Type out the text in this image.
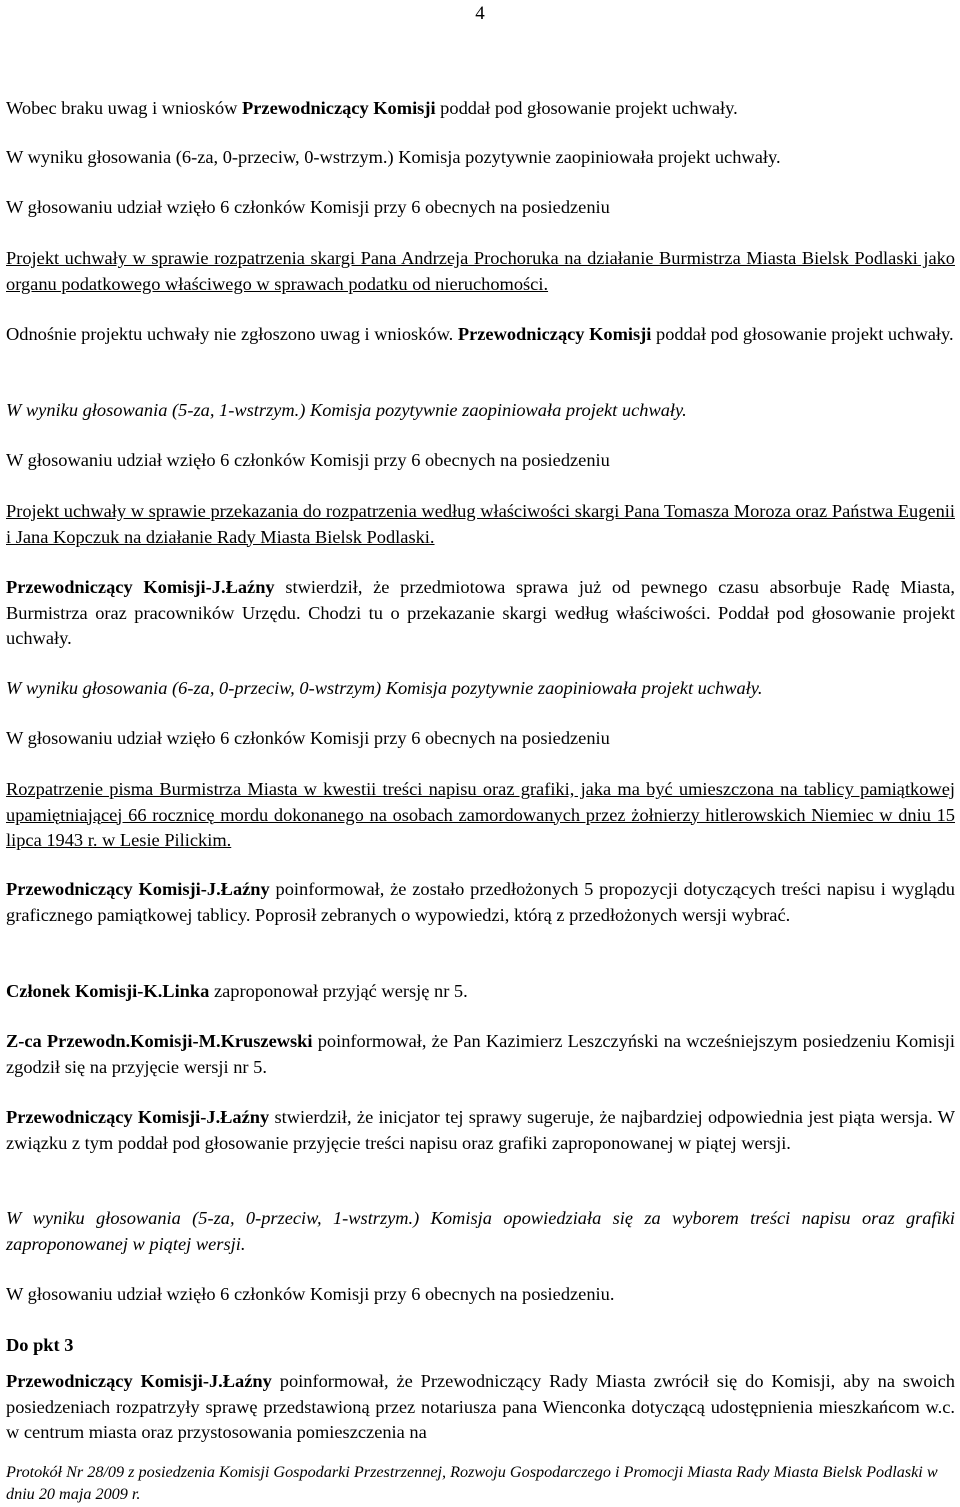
4

Wobec braku uwag i wniosków Przewodniczący Komisji poddał pod głosowanie projekt uchwały.

W wyniku głosowania (6-za, 0-przeciw, 0-wstrzym.) Komisja pozytywnie zaopiniowała projekt uchwały.

W głosowaniu udział wzięło 6 członków Komisji przy 6 obecnych na posiedzeniu

Projekt uchwały w sprawie rozpatrzenia skargi Pana Andrzeja Prochoruka na działanie Burmistrza Miasta Bielsk Podlaski jako organu podatkowego właściwego w sprawach podatku od nieruchomości.

Odnośnie projektu uchwały nie zgłoszono uwag i wniosków. Przewodniczący Komisji poddał pod głosowanie projekt uchwały.

W wyniku głosowania (5-za, 1-wstrzym.) Komisja pozytywnie zaopiniowała projekt uchwały.

W głosowaniu udział wzięło 6 członków Komisji przy 6 obecnych na posiedzeniu

Projekt uchwały w sprawie przekazania do rozpatrzenia według właściwości skargi Pana Tomasza Moroza oraz Państwa Eugenii i Jana Kopczuk na działanie Rady Miasta Bielsk Podlaski.

Przewodniczący Komisji-J.Łaźny stwierdził, że przedmiotowa sprawa już od pewnego czasu absorbuje Radę Miasta, Burmistrza oraz pracowników Urzędu. Chodzi tu o przekazanie skargi według właściwości. Poddał pod głosowanie projekt uchwały.

W wyniku głosowania (6-za, 0-przeciw, 0-wstrzym) Komisja pozytywnie zaopiniowała projekt uchwały.

W głosowaniu udział wzięło 6 członków Komisji przy 6 obecnych na posiedzeniu

Rozpatrzenie pisma Burmistrza Miasta w kwestii treści napisu oraz grafiki, jaka ma być umieszczona na tablicy pamiątkowej upamiętniającej 66 rocznicę mordu dokonanego na osobach zamordowanych przez żołnierzy hitlerowskich Niemiec w dniu 15 lipca 1943 r. w Lesie Pilickim.

Przewodniczący Komisji-J.Łaźny poinformował, że zostało przedłożonych 5 propozycji dotyczących treści napisu i wyglądu graficznego pamiątkowej tablicy. Poprosił zebranych o wypowiedzi, którą z przedłożonych wersji wybrać.

Członek Komisji-K.Linka zaproponował przyjąć wersję nr 5.

Z-ca Przewodn.Komisji-M.Kruszewski poinformował, że Pan Kazimierz Leszczyński na wcześniejszym posiedzeniu Komisji zgodził się na przyjęcie wersji nr 5.

Przewodniczący Komisji-J.Łaźny stwierdził, że inicjator tej sprawy sugeruje, że najbardziej odpowiednia jest piąta wersja. W związku z tym poddał pod głosowanie przyjęcie treści napisu oraz grafiki zaproponowanej w piątej wersji.

W wyniku głosowania (5-za, 0-przeciw, 1-wstrzym.) Komisja opowiedziała się za wyborem treści napisu oraz grafiki zaproponowanej w piątej wersji.

W głosowaniu udział wzięło 6 członków Komisji przy 6 obecnych na posiedzeniu.

Do pkt 3

Przewodniczący Komisji-J.Łaźny poinformował, że Przewodniczący Rady Miasta zwrócił się do Komisji, aby na swoich posiedzeniach rozpatrzyły sprawę przedstawioną przez notariusza pana Wienconka dotyczącą udostępnienia mieszkańcom w.c. w centrum miasta oraz przystosowania pomieszczenia na

Protokół Nr 28/09 z posiedzenia Komisji Gospodarki Przestrzennej, Rozwoju Gospodarczego i Promocji Miasta Rady Miasta Bielsk Podlaski w dniu 20 maja 2009 r.
